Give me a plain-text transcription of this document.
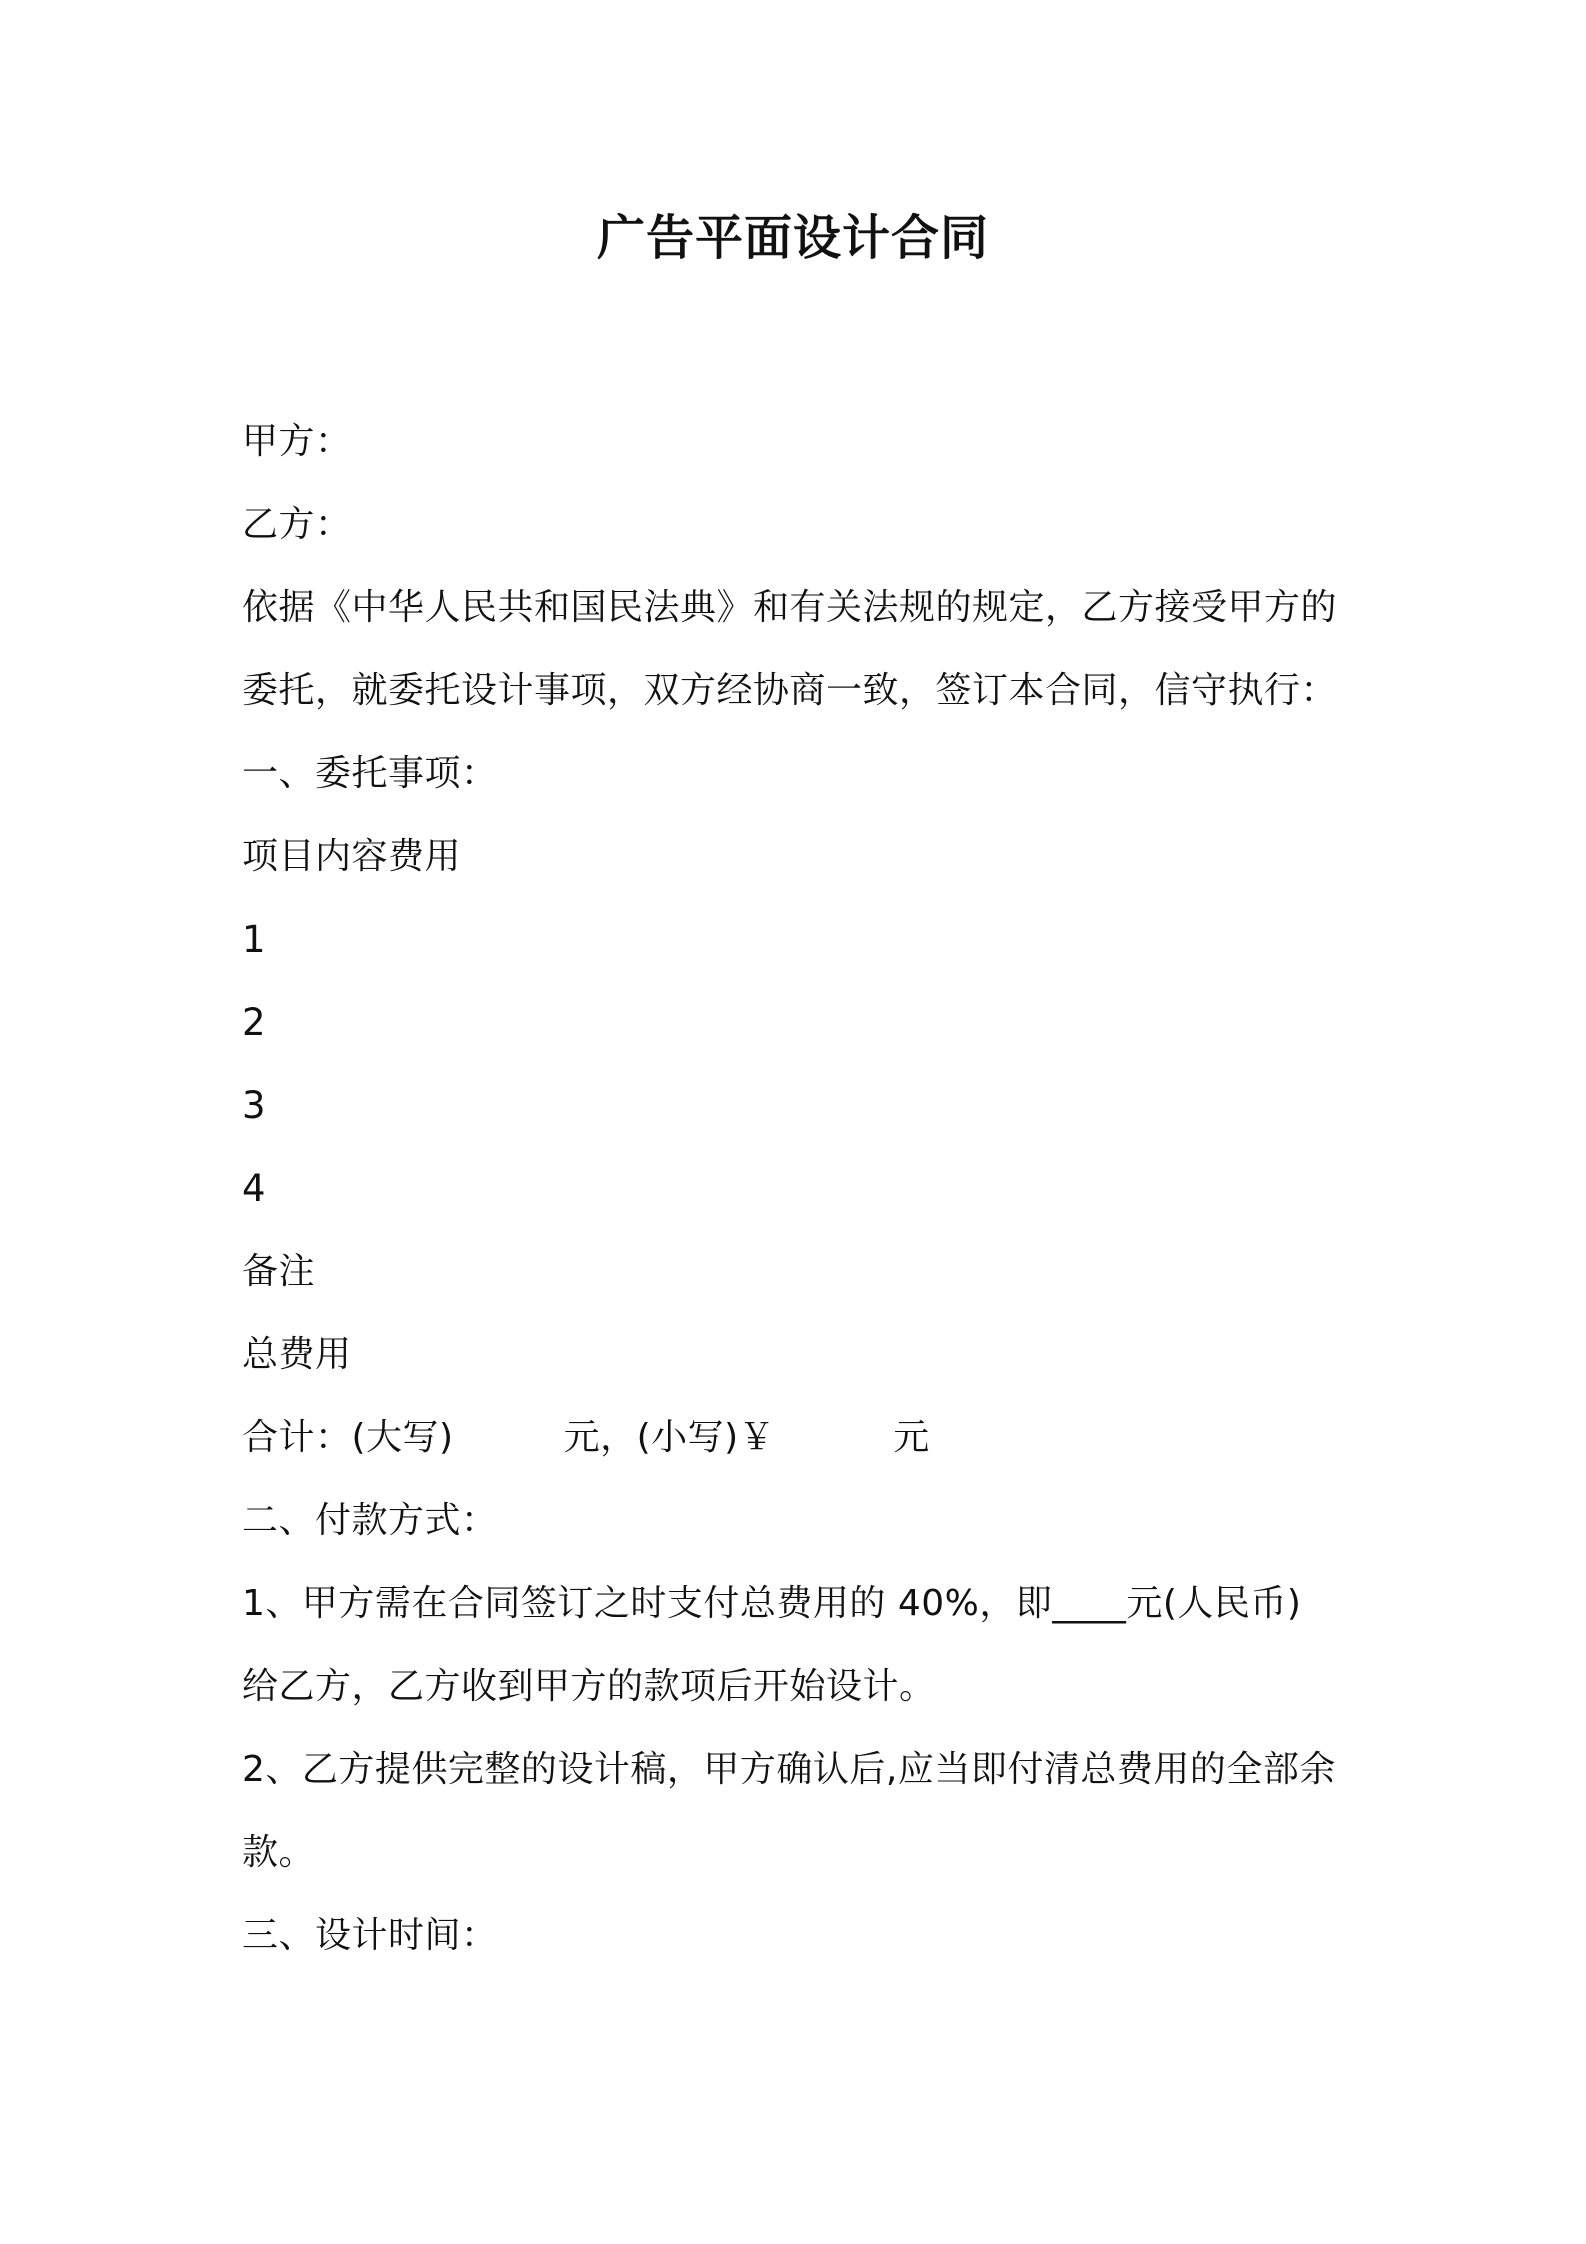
广告平面设计合同
甲方：
乙方：
依据《中华人民共和国民法典》和有关法规的规定，乙方接受甲方的
委托，就委托设计事项，双方经协商一致，签订本合同，信守执行：
一、委托事项：
项目内容费用
1
2
3
4
备注
总费用
合计：(大写)	元，(小写)￥	元
二、付款方式：
1、甲方需在合同签订之时支付总费用的 40%，即____元(人民币)
给乙方，乙方收到甲方的款项后开始设计。
2、乙方提供完整的设计稿，甲方确认后,应当即付清总费用的全部余
款。
三、设计时间：
